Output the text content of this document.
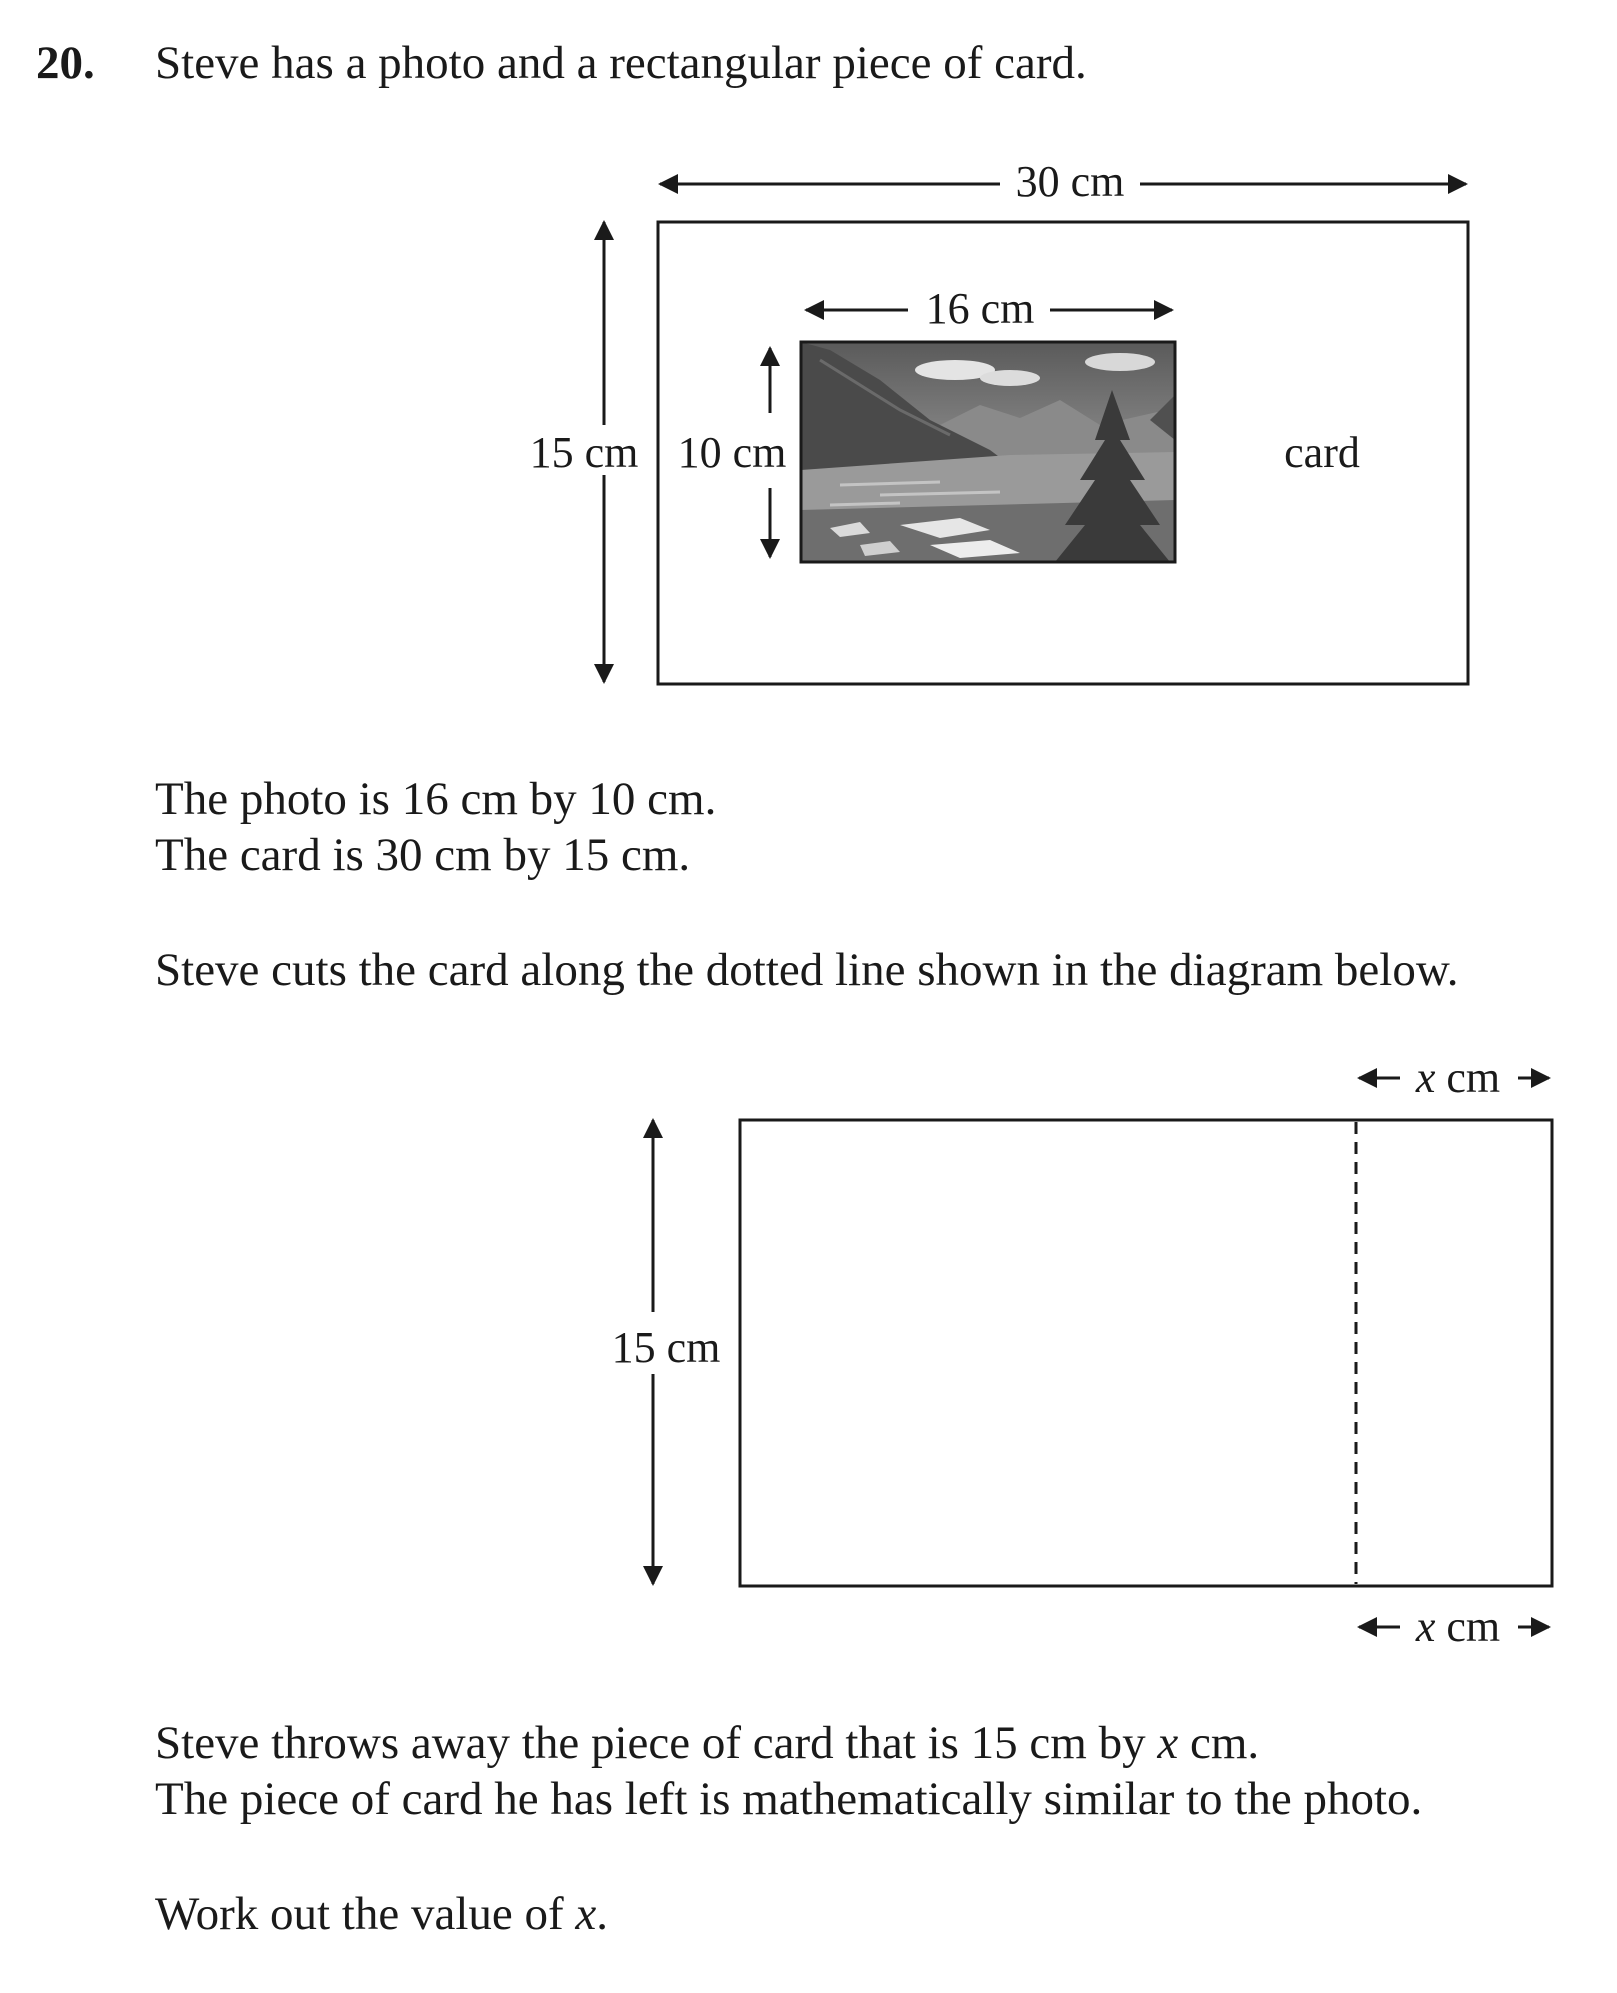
20. Steve has a photo and a rectangular piece of card.
30 cm
15 cm
16 cm
10 cm	card
15 cm
x cm
x cm
The photo is 16 cm by 10 cm.
The card is 30 cm by 15 cm.
Steve cuts the card along the dotted line shown in the diagram below.
Steve throws away the piece of card that is 15 cm by x cm.
The piece of card he has left is mathematically similar to the photo.
Work out the value of x.
